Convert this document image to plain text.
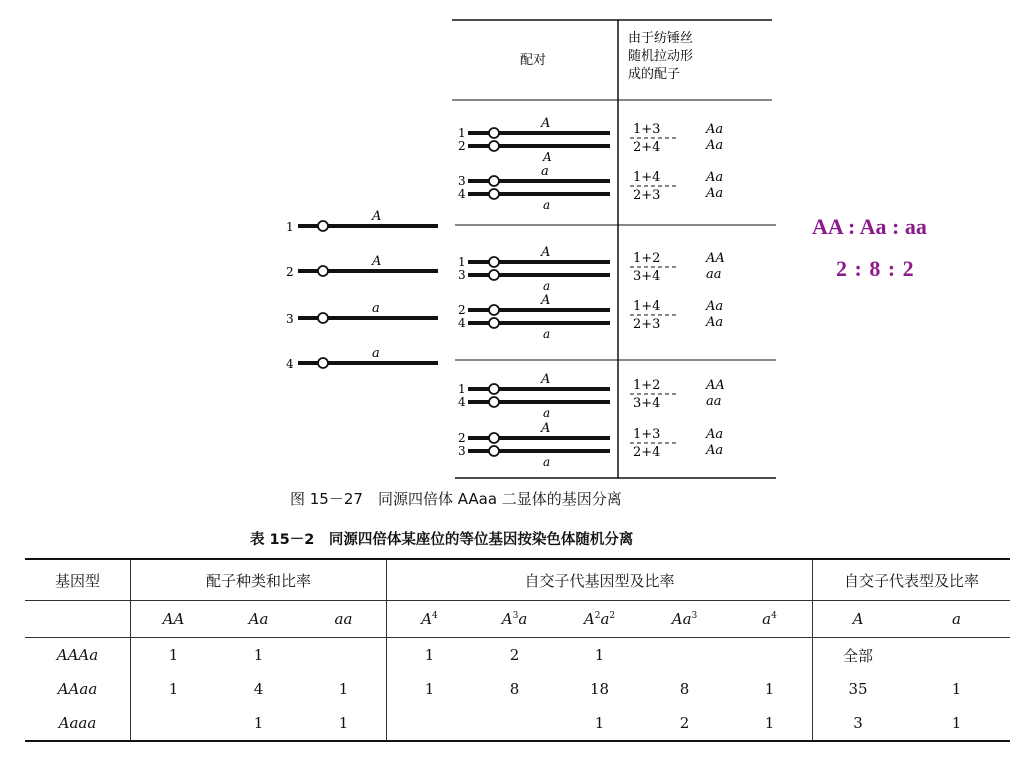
配对
由于纺锤丝
随机拉动形
成的配子
1
A
2
A
3
a
4
a
1
2
A
A
1+3
2+4
Aa
Aa
3
4
a
a
1+4
2+3
Aa
Aa
1
3
A
a
1+2
3+4
AA
aa
2
4
A
a
1+4
2+3
Aa
Aa
1
4
A
a
1+2
3+4
AA
aa
2
3
A
a
1+3
2+4
Aa
Aa
AA : Aa : aa
2 : 8 : 2
图 15－27　同源四倍体 AAaa 二显体的基因分离
表 15－2　同源四倍体某座位的等位基因按染色体随机分离
基因型	配子种类和比率			自交子代基因型及比率					自交子代表型及比率	
	AA	Aa	aa	$A^4$	$A^3a$	$A^2a^2$	Aa$^3$	$a^4$	A	a
AAAa	1	1		1	2	1			全部	
AAaa	1	4	1	1	8	18	8	1	35	1
Aaaa		1	1			1	2	1	3	1
